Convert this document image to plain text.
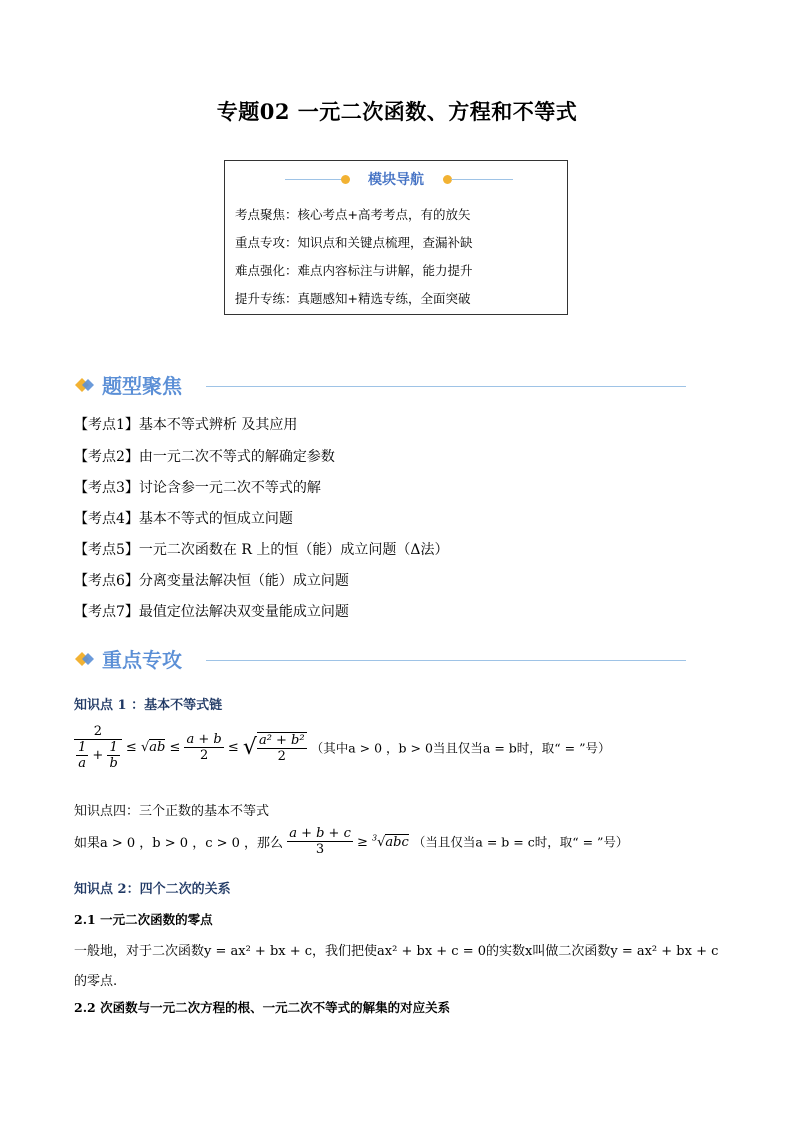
专题02 一元二次函数、方程和不等式
模块导航
考点聚焦：核心考点+高考考点，有的放矢
重点专攻：知识点和关键点梳理，查漏补缺
难点强化：难点内容标注与讲解，能力提升
提升专练：真题感知+精选专练，全面突破
题型聚焦
【考点1】基本不等式辨析 及其应用
【考点2】由一元二次不等式的解确定参数
【考点3】讨论含参一元二次不等式的解
【考点4】基本不等式的恒成立问题
【考点5】一元二次函数在 R 上的恒（能）成立问题（Δ法）
【考点6】分离变量法解决恒（能）成立问题
【考点7】最值定位法解决双变量能成立问题
重点专攻
知识点 1 ：基本不等式链
$\frac{2}{\frac{1}{a} + \frac{1}{b}} \le √ab \le \frac{a + b}{2}$ ≤ √ $\frac{\text{a² + b²}}{2}$ （其中a > 0 ，b > 0当且仅当a = b时，取“ = ”号）
知识点四：三个正数的基本不等式
如果a > 0 ，b > 0 ，c > 0 ，那么 $\frac{a + b + c}{3} \ge ^3√abc$ （当且仅当a = b = c时，取“ = ”号）
知识点 2：四个二次的关系
2.1 一元二次函数的零点
一般地，对于二次函数y = ax² + bx + c，我们把使ax² + bx + c = 0的实数x叫做二次函数y = ax² + bx + c
的零点.
2.2 次函数与一元二次方程的根、一元二次不等式的解集的对应关系
